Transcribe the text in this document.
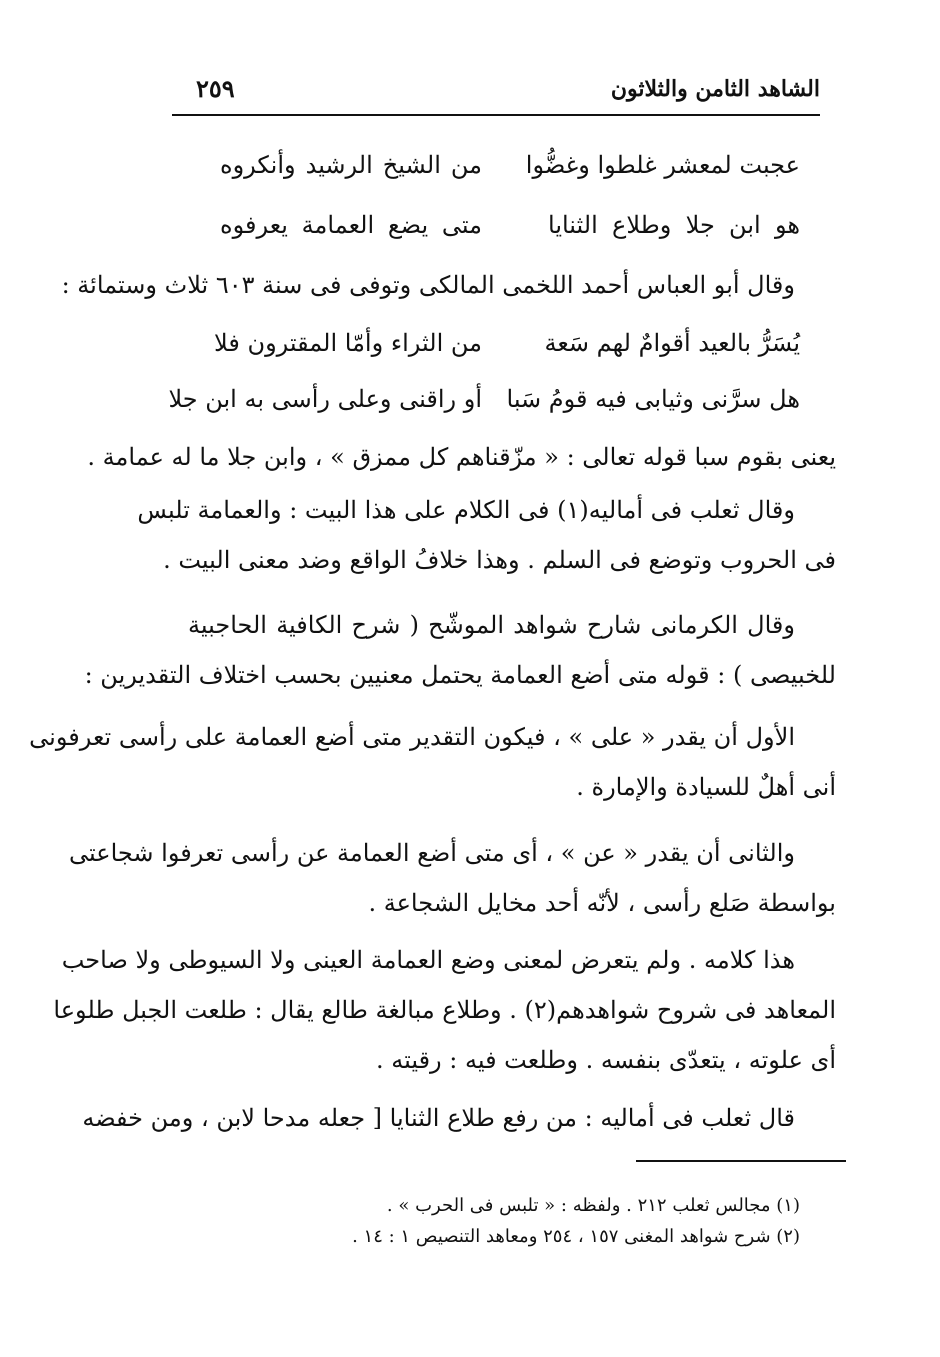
الشاهد الثامن والثلاثون
٢٥٩
عجبت لمعشر غلطوا وغضُّوا
من الشيخ الرشيد وأنكروه
هو ابن جلا وطلاع الثنايا
متى يضع العمامة يعرفوه
وقال أبو العباس أحمد اللخمى المالكى وتوفى فى سنة ٦٠٣ ثلاث وستمائة :
يُسَرُّ بالعيد أقوامٌ لهم سَعة
من الثراء وأمّا المقترون فلا
هل سرَّنى وثيابى فيه قومُ سَبا
أو راقنى وعلى رأسى به ابن جلا
يعنى بقوم سبا قوله تعالى : « مزّقناهم كل ممزق » ، وابن جلا ما له عمامة .
وقال ثعلب فى أماليه(١) فى الكلام على هذا البيت : والعمامة تلبس
فى الحروب وتوضع فى السلم . وهذا خلافُ الواقع وضد معنى البيت .
وقال الكرمانى شارح شواهد الموشّح ( شرح الكافية الحاجبية
للخبيصى ) : قوله متى أضع العمامة يحتمل معنيين بحسب اختلاف التقديرين :
الأول أن يقدر « على » ، فيكون التقدير متى أضع العمامة على رأسى تعرفونى
أنى أهلٌ للسيادة والإمارة .
والثانى أن يقدر « عن » ، أى متى أضع العمامة عن رأسى تعرفوا شجاعتى
بواسطة صَلع رأسى ، لأنّه أحد مخايل الشجاعة .
هذا كلامه . ولم يتعرض لمعنى وضع العمامة العينى ولا السيوطى ولا صاحب
المعاهد فى شروح شواهدهم(٢) . وطلاع مبالغة طالع يقال : طلعت الجبل طلوعا
أى علوته ، يتعدّى بنفسه . وطلعت فيه : رقيته .
قال ثعلب فى أماليه : من رفع طلاع الثنايا [ جعله مدحا لابن ، ومن خفضه
(١) مجالس ثعلب ٢١٢ . ولفظه : « تلبس فى الحرب » .
(٢) شرح شواهد المغنى ١٥٧ ، ٢٥٤ ومعاهد التنصيص ١ : ١٤ .
